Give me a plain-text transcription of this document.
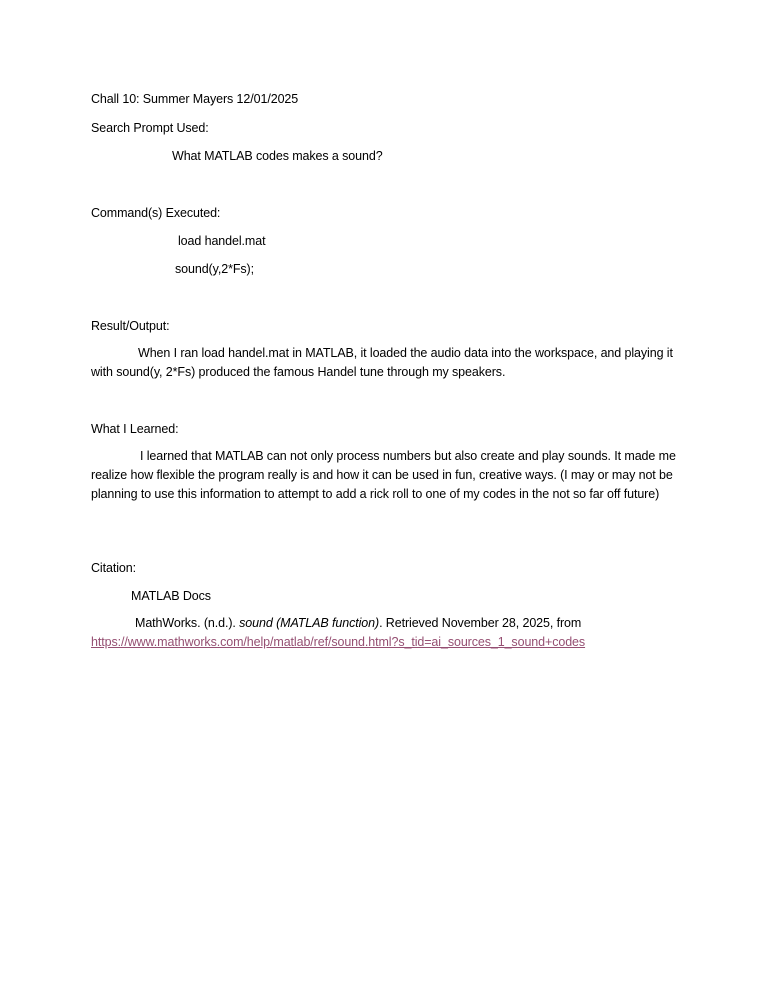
Chall 10: Summer Mayers 12/01/2025
Search Prompt Used:
What MATLAB codes makes a sound?
Command(s) Executed:
load handel.mat
sound(y,2*Fs);
Result/Output:
When I ran load handel.mat in MATLAB, it loaded the audio data into the workspace, and playing it with sound(y, 2*Fs) produced the famous Handel tune through my speakers.
What I Learned:
I learned that MATLAB can not only process numbers but also create and play sounds. It made me realize how flexible the program really is and how it can be used in fun, creative ways. (I may or may not be planning to use this information to attempt to add a rick roll to one of my codes in the not so far off future)
Citation:
MATLAB Docs
MathWorks. (n.d.). sound (MATLAB function). Retrieved November 28, 2025, from
https://www.mathworks.com/help/matlab/ref/sound.html?s_tid=ai_sources_1_sound+codes
